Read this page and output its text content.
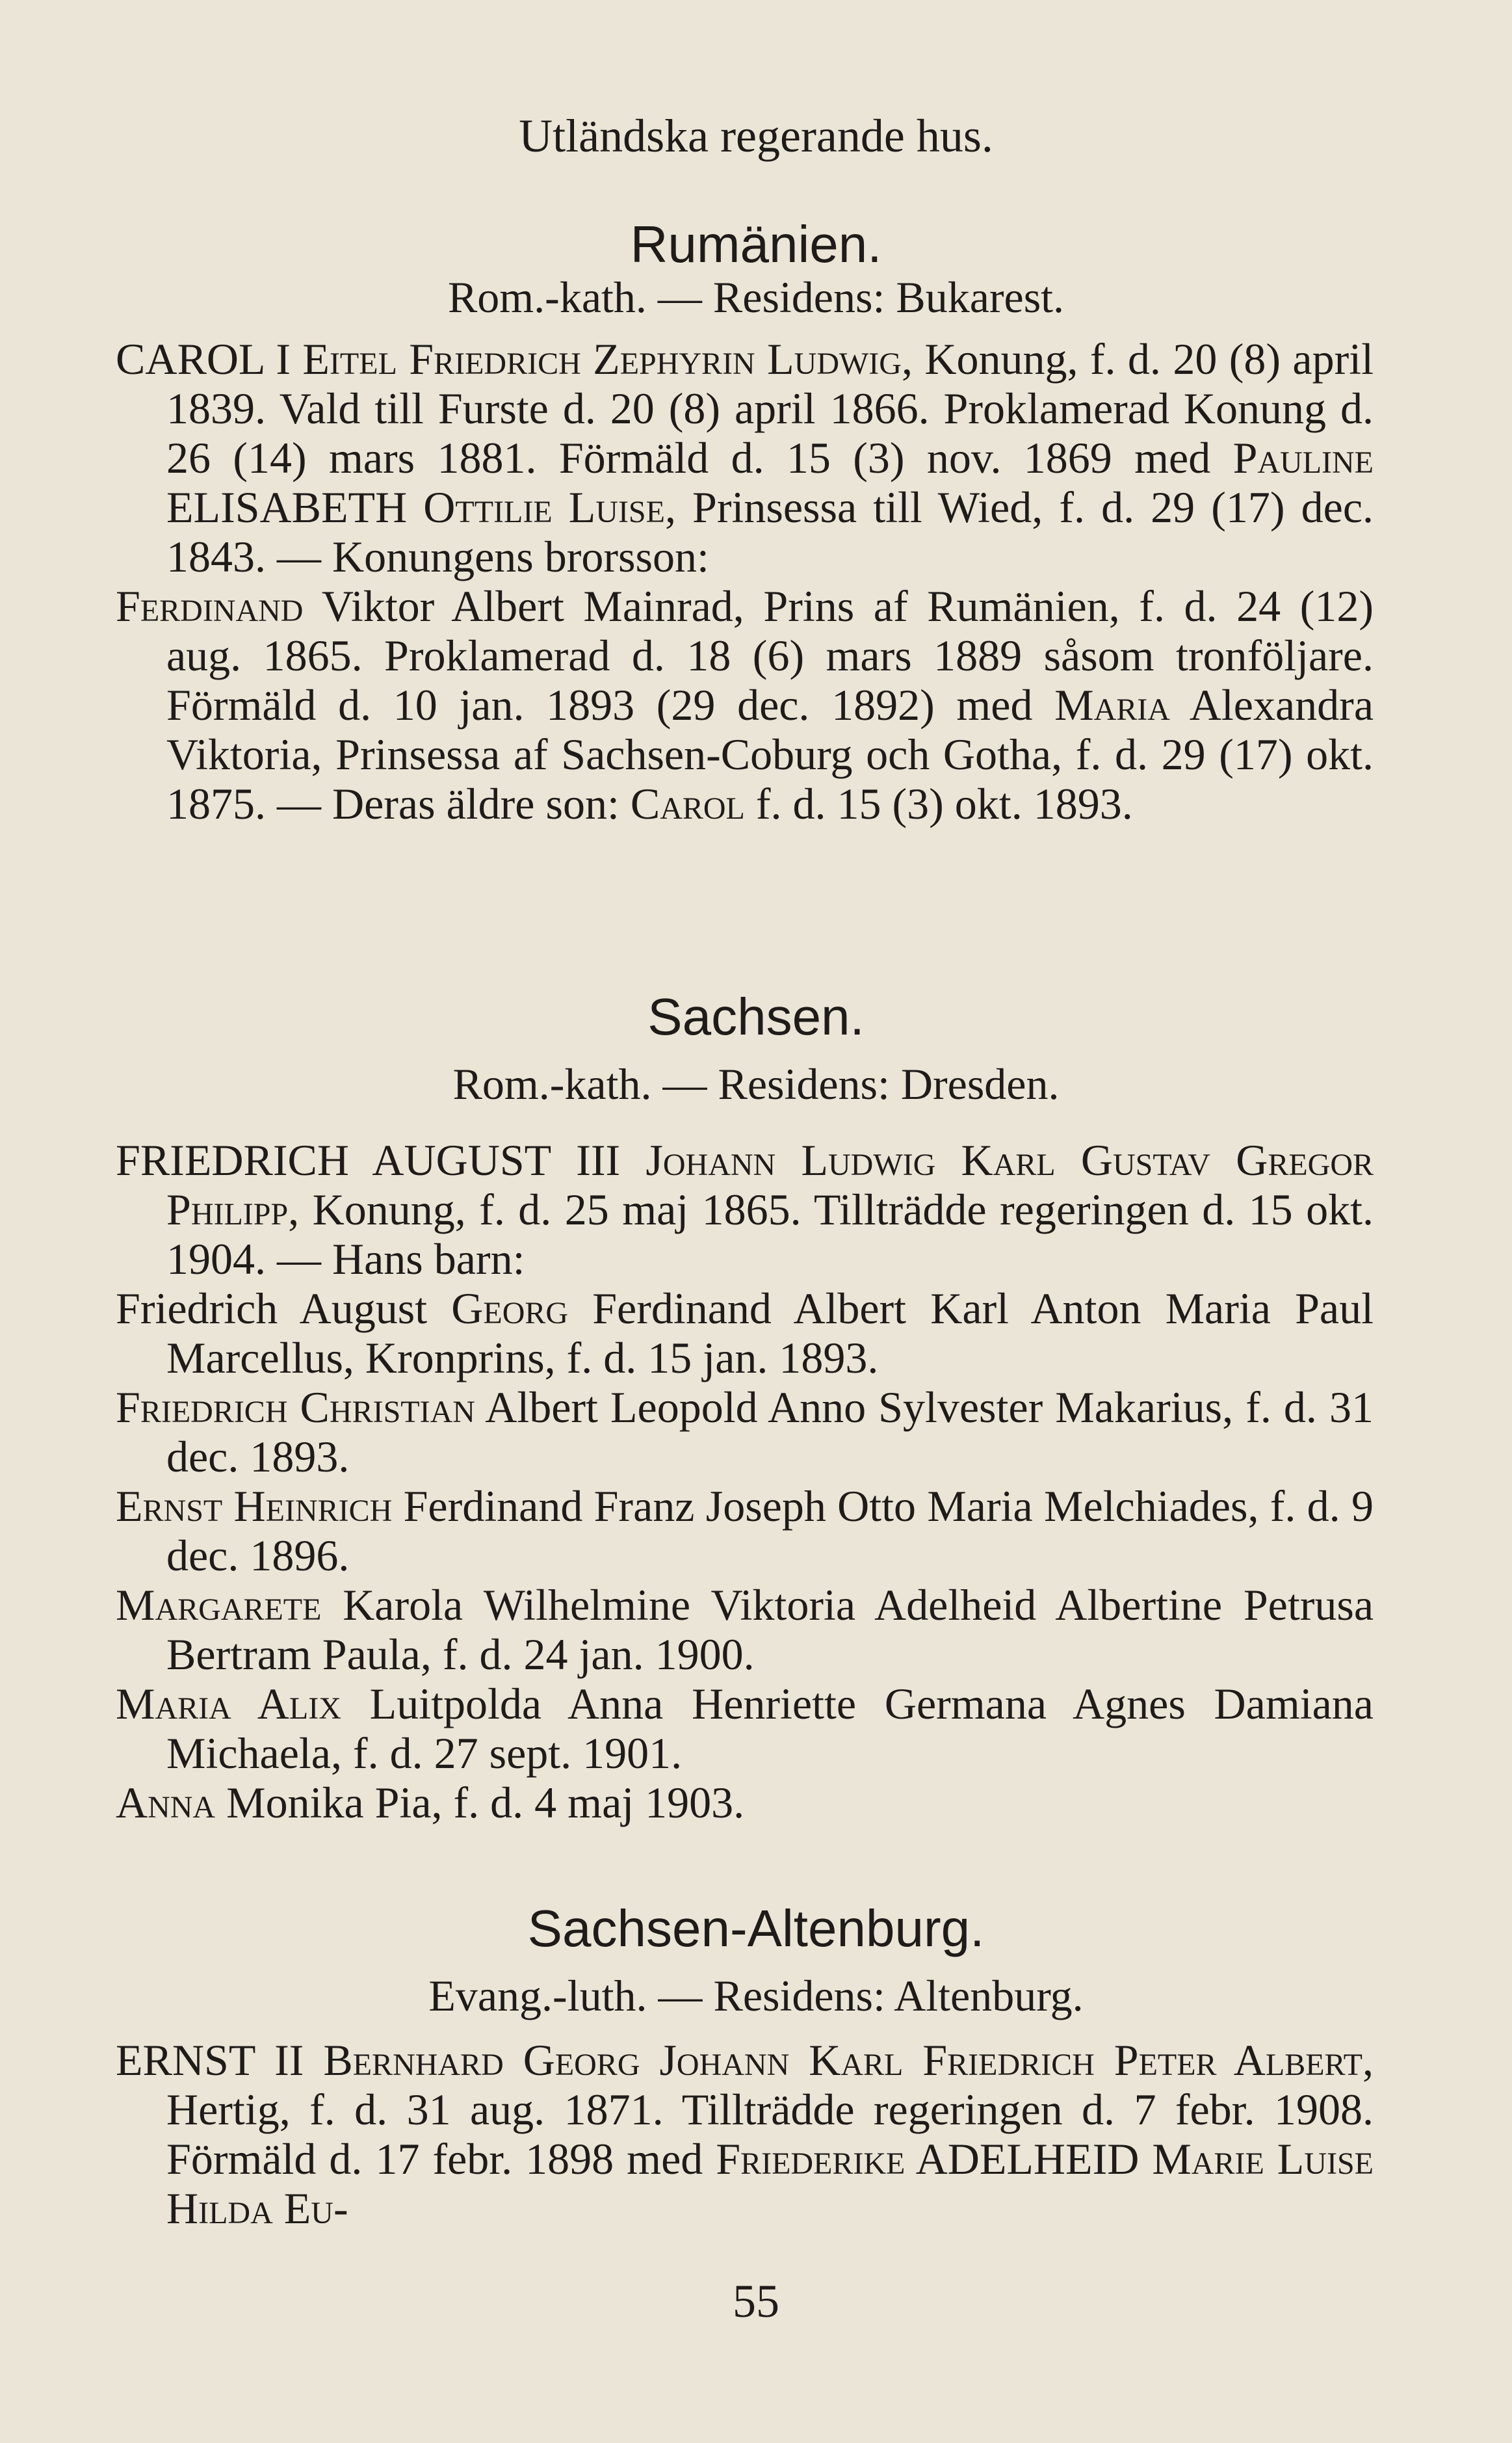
Utländska regerande hus.
Rumänien.
Rom.-kath. — Residens: Bukarest.

CAROL I Eitel Friedrich Zephyrin Ludwig, Konung, f. d. 20 (8) april 1839. Vald till Furste d. 20 (8) april 1866. Proklamerad Konung d. 26 (14) mars 1881. Förmäld d. 15 (3) nov. 1869 med Pauline ELISABETH Ottilie Luise, Prinsessa till Wied, f. d. 29 (17) dec. 1843. — Konungens brorsson:

Ferdinand Viktor Albert Mainrad, Prins af Rumänien, f. d. 24 (12) aug. 1865. Proklamerad d. 18 (6) mars 1889 såsom tronföljare. Förmäld d. 10 jan. 1893 (29 dec. 1892) med Maria Alexandra Viktoria, Prinsessa af Sachsen-Coburg och Gotha, f. d. 29 (17) okt. 1875. — Deras äldre son: Carol f. d. 15 (3) okt. 1893.

Sachsen.
Rom.-kath. — Residens: Dresden.

FRIEDRICH AUGUST III Johann Ludwig Karl Gustav Gregor Philipp, Konung, f. d. 25 maj 1865. Tillträdde regeringen d. 15 okt. 1904. — Hans barn:

Friedrich August Georg Ferdinand Albert Karl Anton Maria Paul Marcellus, Kronprins, f. d. 15 jan. 1893.

Friedrich Christian Albert Leopold Anno Sylvester Makarius, f. d. 31 dec. 1893.

Ernst Heinrich Ferdinand Franz Joseph Otto Maria Melchiades, f. d. 9 dec. 1896.

Margarete Karola Wilhelmine Viktoria Adelheid Albertine Petrusa Bertram Paula, f. d. 24 jan. 1900.

Maria Alix Luitpolda Anna Henriette Germana Agnes Damiana Michaela, f. d. 27 sept. 1901.

Anna Monika Pia, f. d. 4 maj 1903.

Sachsen-Altenburg.
Evang.-luth. — Residens: Altenburg.

ERNST II Bernhard Georg Johann Karl Friedrich Peter Albert, Hertig, f. d. 31 aug. 1871. Tillträdde regeringen d. 7 febr. 1908. Förmäld d. 17 febr. 1898 med Friederike ADELHEID Marie Luise Hilda Eu-

55
